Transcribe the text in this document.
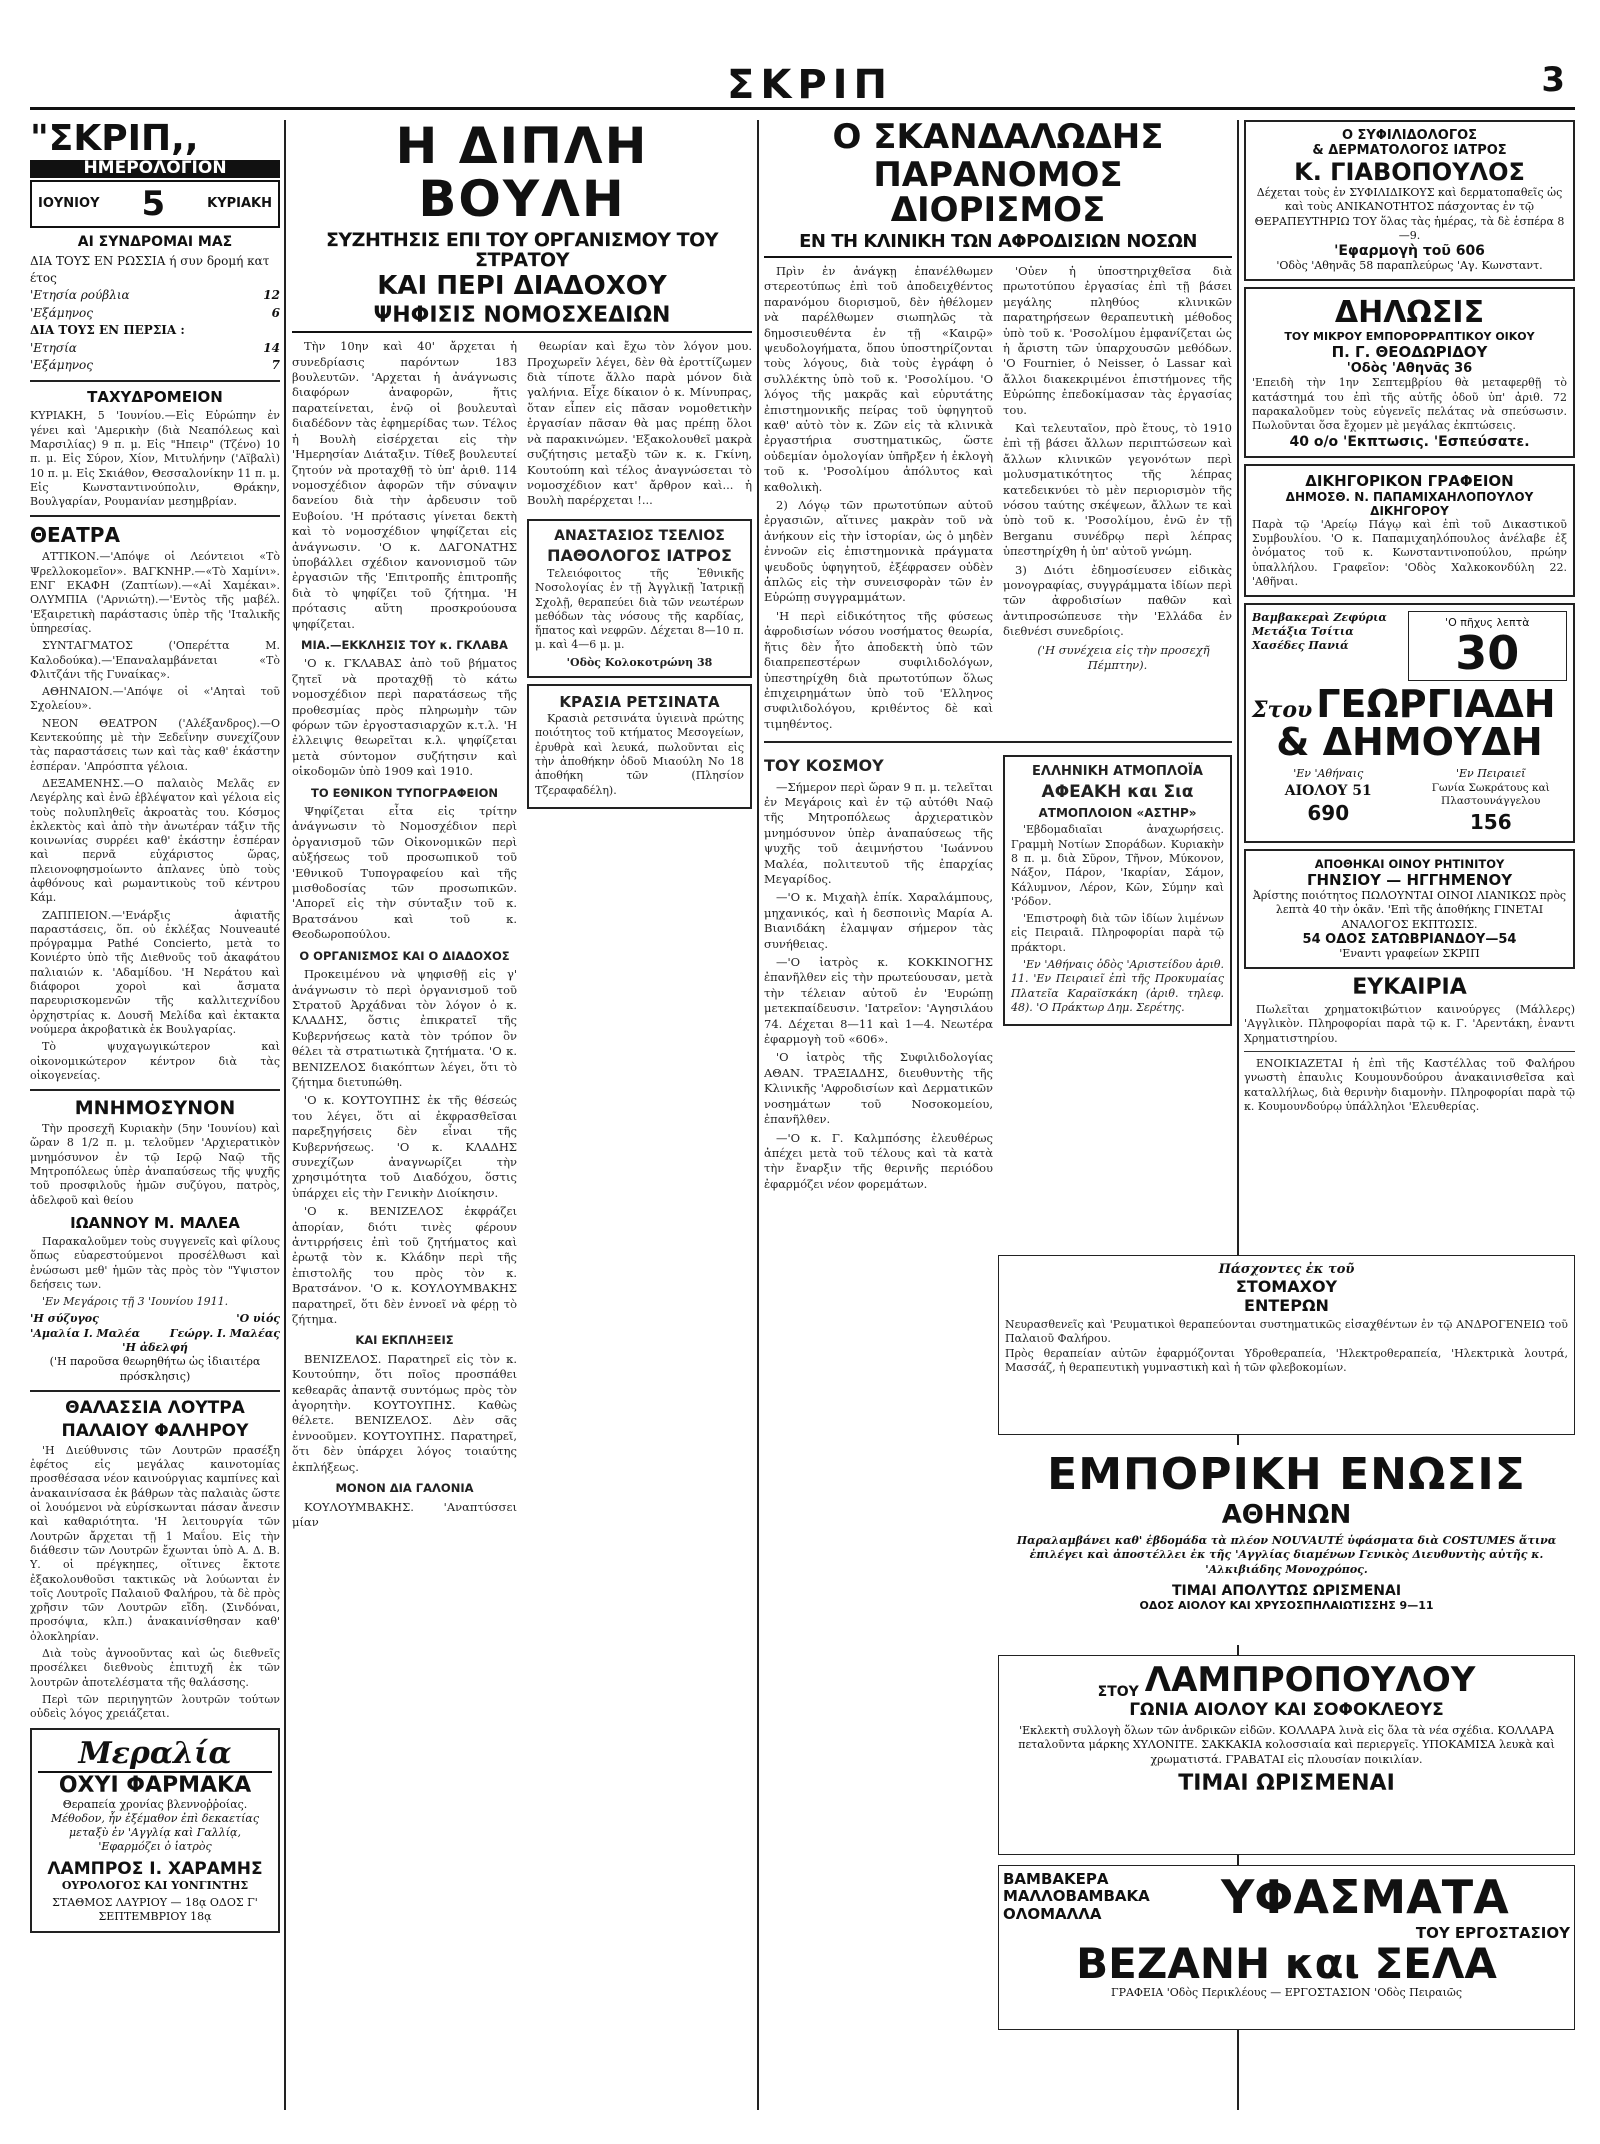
ΣΚΡΙΠ	3
"ΣΚΡΙΠ,,
ΗΜΕΡΟΛΟΓΙΟΝ
ΙΟΥΝΙΟΥ 5	ΚΥΡΙΑΚΗ
ΑΙ ΣΥΝΔΡΟΜΑΙ ΜΑΣ
ΔΙΑ ΤΟΥΣ ΕΝ ΡΩΣΣΙΑ ή συν δρομή κατ έτος
'Ετησία ρούβλια	12
'Εξάμηνος	6
ΔΙΑ ΤΟΥΣ ΕΝ ΠΕΡΣΙΑ :
'Ετησία	14
'Εξάμηνος	7
ΤΑΧΥΔΡΟΜΕΙΟΝ
ΚΥΡΙΑΚΗ, 5 'Ιουνίου.—Εἰς Εὐρώπην ἐν γένει καὶ 'Αμερικὴν (διὰ Νεαπόλεως καὶ Μαρσιλίας) 9 π. μ. Εἰς "Ηπειρ" (Τζένο) 10 π. μ. Εἰς Σύρον, Χίον, Μιτυλήνην ('Αϊβαλὶ) 10 π. μ. Εἰς Σκιάθον, Θεσσαλονίκην 11 π. μ. Εἰς Κωνσταντινούπολιν, Θράκην, Βουλγαρίαν, Ρουμανίαν μεσημβρίαν.
ΘΕΑΤΡΑ

ΑΤΤΙΚΟΝ.—'Απόψε οἱ Λεόντειοι «Τὸ Ψρελλοκομεῖον». ΒΑΓΚΝΗΡ.—«Τὸ Χαμίνι». ΕΝΓ ΕΚΑΦΗ (Ζαπτίων).—«Αἱ Χαμέκαι». ΟΛΥΜΠΙΑ ('Αρνιώτη).—'Εντὸς τῆς μαβέλ. 'Εξαιρετικὴ παράστασις ὑπὲρ τῆς 'Ιταλικῆς ὑπηρεσίας.

ΣΥΝΤΑΓΜΑΤΟΣ ('Οπερέττα Μ. Καλοδούκα).—'Επαναλαμβάνεται «Τὸ Φλιτζάνι τῆς Γυναίκας».

ΑΘΗΝΑΙΟΝ.—'Απόψε οἱ «'Αηταὶ τοῦ Σχολείου».

ΝΕΟΝ ΘΕΑΤΡΟΝ ('Αλέξανδρος).—Ο Κεντεκούπης μὲ τὴν Ξεδεΐνην συνεχίζουν τὰς παραστάσεις των καὶ τὰς καθ' ἑκάστην ἑσπέραν. 'Απρόσπτα γέλοια.

ΔΕΞΑΜΕΝΗΣ.—Ο παλαιὸς Μελᾶς εν Λεγέρλης καὶ ἐνῶ ἐβλέψατον καὶ γέλοια εἰς τοὺς πολυπληθεῖς ἀκροατὰς του. Κόσμος ἐκλεκτὸς καὶ ἀπὸ τὴν ἀνωτέραν τάξιν τῆς κοινωνίας συρρέει καθ' ἑκάστην ἑσπέραν καὶ περνᾶ εὐχάριστος ὥρας, πλειονοφησμοίωντο ἀπλανες ὑπὸ τοὺς ἀφθόνους καὶ ρωμαντικοὺς τοῦ κέντρου Κάμ.

ΖΑΠΠΕΙΟΝ.—'Ενάρξις ἀφιατῆς παραστάσεις, ὅπ. οὐ ἐκλέξας Nouveauté πρόγραμμα Pathé Concierto, μετὰ το Κονιέρτο ὑπὸ τῆς Διεθνοῦς τοῦ ἀκαφάτου παλιαιών κ. 'Αδαμίδου. 'Η Νεράτου καὶ διάφοροι χοροὶ καὶ ἄσματα παρευρισκομενῶν τῆς καλλιτεχνίδου ὀρχηστρίας κ. Δουσῆ Μελίδα καὶ ἐκτακτα νούμερα ἀκροβατικὰ ἐκ Βουλγαρίας.

Τὸ ψυχαγωγικώτερον καὶ οἰκονομικώτερον κέντρον διὰ τὰς οἰκογενείας.

ΜΝΗΜΟΣΥΝΟΝ

Τὴν προσεχῆ Κυριακὴν (5ην 'Ιουνίου) καὶ ὥραν 8 1/2 π. μ. τελοῦμεν 'Αρχιερατικὸν μνημόσυνον ἐν τῷ Ιερῷ Ναῷ τῆς Μητροπόλεως ὑπὲρ ἀναπαύσεως τῆς ψυχῆς τοῦ προσφιλοῦς ἡμῶν συζύγου, πατρὸς, ἀδελφοῦ καὶ θείου

ΙΩΑΝΝΟΥ Μ. ΜΑΛΕΑ

Παρακαλοῦμεν τοὺς συγγενεῖς καὶ φίλους ὅπως εὐαρεστούμενοι προσέλθωσι καὶ ἐνώσωσι μεθ' ἡμῶν τὰς πρὸς τὸν "Υψιστον δεήσεις των.

'Εν Μεγάροις τῇ 3 'Ιουνίου 1911.

'Η σύζυγος
'Αμαλία Ι. Μαλέα
'Ο υἱός
Γεώργ. Ι. Μαλέας
'Η ἀδελφή
('Η παροῦσα θεωρηθήτω ὡς ἰδιαιτέρα πρόσκλησις)
ΘΑΛΑΣΣΙΑ ΛΟΥΤΡΑ
ΠΑΛΑΙΟΥ ΦΑΛΗΡΟΥ

'Η Διεύθυνσις τῶν Λουτρῶν πρασέξη ἐφέτος εἰς μεγάλας καινοτομίας προσθέσασα νέον καινούργιας καμπίνες καὶ ἀνακαινίσασα ἐκ βάθρων τὰς παλαιὰς ὥστε οἱ λουόμενοι νὰ εὑρίσκωνται πάσαν ἄνεσιν καὶ καθαριότητα. 'Η λειτουργία τῶν Λουτρῶν ἄρχεται τῇ 1 Μαΐου. Εἰς τὴν διάθεσιν τῶν Λουτρῶν ἔχωνται ὑπὸ Α. Δ. Β. Υ. οἱ πρέγκηπες, οἵτινες ἔκτοτε ἐξακολουθοῦσι τακτικῶς νὰ λούωνται ἐν τοῖς Λουτροῖς Παλαιοῦ Φαλήρου, τὰ δὲ πρὸς χρῆσιν τῶν Λουτρῶν εἴδη. (Σινδόναι, προσόψια, κλπ.) ἀνακαινίσθησαν καθ' ὁλοκληρίαν.

Διὰ τοὺς ἀγνοοῦντας καὶ ὡς διεθνεῖς προσέλκει διεθνοὺς ἐπιτυχῆ ἐκ τῶν λουτρῶν ἀποτελέσματα τῆς θαλάσσης.

Περὶ τῶν περιηγητῶν λουτρῶν τούτων οὐδεὶς λόγος χρειάζεται.

Μεραλία
ΟΧΥΙ ΦΑΡΜΑΚΑ
Θεραπεία χρονίας βλεννοῤῥοίας.
Μέθοδον, ἧν ἐξέμαθον ἐπὶ δεκαετίας μεταξὺ ἐν 'Αγγλίᾳ καὶ Γαλλίᾳ, 'Εφαρμόζει ὁ ἰατρὸς
ΛΑΜΠΡΟΣ Ι. ΧΑΡΑΜΗΣ
ΟΥΡΟΛΟΓΟΣ ΚΑΙ ΥΟΝΓΙΝΤΗΣ
ΣΤΑΘΜΟΣ ΛΑΥΡΙΟΥ — 18ᾳ ΟΔΟΣ Γ' ΣΕΠΤΕΜΒΡΙΟΥ 18ᾳ
Η ΔΙΠΛΗ ΒΟΥΛΗ
ΣΥΖΗΤΗΣΙΣ ΕΠΙ ΤΟΥ ΟΡΓΑΝΙΣΜΟΥ ΤΟΥ ΣΤΡΑΤΟΥ
ΚΑΙ ΠΕΡΙ ΔΙΑΔΟΧΟΥ
ΨΗΦΙΣΙΣ ΝΟΜΟΣΧΕΔΙΩΝ

Τὴν 10ην καὶ 40' ἄρχεται ἡ συνεδρίασις παρόντων 183 βουλευτῶν. 'Αρχεται ἡ ἀνάγνωσις διαφόρων ἀναφορῶν, ἥτις παρατείνεται, ἐνῷ οἱ βουλευταὶ διαδέδονν τὰς ἐφημερίδας των. Τέλος ἡ Βουλὴ εἰσέρχεται εἰς τὴν 'Ημερησίαν Διάταξιν. Τίθεξ βουλευτεί ζητούν νὰ προταχθῇ τὸ ὑπ' ἀριθ. 114 νομοσχέδιον ἀφορῶν τῆν σύναψιν δανείου διὰ τὴν ἀρδευσιν τοῦ Ευβοίου. 'Η πρότασις γίνεται δεκτὴ καὶ τὸ νομοσχέδιον ψηφίζεται εἰς ἀνάγνωσιν. 'Ο κ. ΔΑΓΟΝΑΤΗΣ ὑποβάλλει σχέδιον κανονισμοῦ τῶν ἐργασιῶν τῆς 'Επιτροπῆς ἐπιτροπῆς διὰ τὸ ψηφίζει τοῦ ζήτημα. 'Η πρότασις αὕτη προσκρούουσα ψηφίζεται.

ΜΙΑ.—ΕΚΚΛΗΣΙΣ ΤΟΥ κ. ΓΚΛΑΒΑ

'Ο κ. ΓΚΛΑΒΑΣ ἀπὸ τοῦ βήματος ζητεῖ νὰ προταχθῇ τὸ κάτω νομοσχέδιον περὶ παρατάσεως τῆς προθεσμίας πρὸς πληρωμὴν τῶν φόρων τῶν ἐργοστασιαρχῶν κ.τ.λ. 'Η ἐλλειψις θεωρεῖται κ.λ. ψηφίζεται μετὰ σύντομον συζήτησιν καὶ οἰκοδομῶν ὑπὸ 1909 καὶ 1910.

ΤΟ ΕΘΝΙΚΟΝ ΤΥΠΟΓΡΑΦΕΙΟΝ

Ψηφίζεται εἶτα εἰς τρίτην ἀνάγνωσιν τὸ Νομοσχέδιον περὶ ὀργανισμοῦ τῶν Οἰκονομικῶν περὶ αὐξήσεως τοῦ προσωπικοῦ τοῦ 'Εθνικοῦ Τυπογραφείου καὶ τῆς μισθοδοσίας τῶν προσωπικῶν. 'Απορεῖ εἰς τὴν σύνταξιν τοῦ κ. Βρατσάνου καὶ τοῦ κ. Θεοδωροπούλου.

Ο ΟΡΓΑΝΙΣΜΟΣ ΚΑΙ Ο ΔΙΑΔΟΧΟΣ

Προκειμένου νὰ ψηφισθῇ εἰς γ' ἀνάγνωσιν τὸ περὶ ὀργανισμοῦ τοῦ Στρατοῦ Ἀρχάδναι τὸν λόγον ὁ κ. ΚΛΑΔΗΣ, ὅστις ἐπικρατεῖ τῆς Κυβερνήσεως κατὰ τὸν τρόπον ὃν θέλει τὰ στρατιωτικὰ ζητήματα. 'Ο κ. ΒΕΝΙΖΕΛΟΣ διακόπτων λέγει, ὅτι τὸ ζήτημα διετυπώθη.

'Ο κ. ΚΟΥΤΟΥΠΗΣ ἐκ τῆς θέσεώς του λέγει, ὅτι αἱ ἐκφρασθεῖσαι παρεξηγήσεις δὲν εἶναι τῆς Κυβερνήσεως. 'Ο κ. ΚΛΑΔΗΣ συνεχίζων ἀναγνωρίζει τὴν χρησιμότητα τοῦ Διαδόχου, ὅστις ὑπάρχει εἰς τὴν Γενικὴν Διοίκησιν.

'Ο κ. ΒΕΝΙΖΕΛΟΣ ἐκφράζει ἀπορίαν, διότι τινὲς φέρουν ἀντιρρήσεις ἐπὶ τοῦ ζητήματος καὶ ἐρωτᾷ τὸν κ. Κλάδην περὶ τῆς ἐπιστολῆς του πρὸς τὸν κ. Βρατσάνον. 'Ο κ. ΚΟΥΛΟΥΜΒΑΚΗΣ παρατηρεῖ, ὅτι δὲν ἐννοεῖ νὰ φέρῃ τὸ ζήτημα.

ΚΑΙ ΕΚΠΛΗΞΕΙΣ

ΒΕΝΙΖΕΛΟΣ. Παρατηρεῖ εἰς τὸν κ. Κουτούπην, ὅτι ποῖος προσπάθει κεθεαρᾶς ἀπαντᾷ συντόμως πρὸς τὸν ἀγορητὴν. ΚΟΥΤΟΥΠΗΣ. Καθὼς θέλετε. ΒΕΝΙΖΕΛΟΣ. Δὲν σᾶς ἐννοοῦμεν. ΚΟΥΤΟΥΠΗΣ. Παρατηρεῖ, ὅτι δὲν ὑπάρχει λόγος τοιαύτης ἐκπλήξεως.

ΜΟΝΟΝ ΔΙΑ ΓΑΛΟΝΙΑ

ΚΟΥΛΟΥΜΒΑΚΗΣ. 'Αναπτύσσει μίαν

θεωρίαν καὶ ἔχω τὸν λόγον μου. Προχωρεῖν λέγει, δὲν θὰ ἐροττίζωμεν διὰ τίποτε ἄλλο παρὰ μόνον διὰ γαλήνια. Εἶχε δίκαιον ὁ κ. Μίνυπρας, ὅταν εἶπεν εἰς πᾶσαν νομοθετικὴν ἐργασίαν πᾶσαν θὰ μας πρέπῃ ὅλοι νὰ παρακινώμεν. 'Εξακολουθεῖ μακρὰ συζήτησις μεταξὺ τῶν κ. κ. Γκίνη, Κουτούπη καὶ τέλος ἀναγνώσεται τὸ νομοσχέδιον κατ' ἄρθρον καὶ... ἡ Βουλὴ παρέρχεται !...

ΑΝΑΣΤΑΣΙΟΣ ΤΣΕΛΙΟΣ
ΠΑΘΟΛΟΓΟΣ ΙΑΤΡΟΣ

Τελειόφοιτος τῆς Ἐθνικῆς Νοσολογίας ἐν τῇ Ἀγγλικῇ Ἰατρικῇ Σχολῇ, θεραπεύει διὰ τῶν νεωτέρων μεθόδων τὰς νόσους τῆς καρδίας, ἥπατος καὶ νεφρῶν. Δέχεται 8—10 π. μ. καὶ 4—6 μ. μ.

'Οδὸς Κολοκοτρώνη 38
ΚΡΑΣΙΑ ΡΕΤΣΙΝΑΤΑ

Κρασιὰ ρετσινάτα ὑγιεινὰ πρώτης ποιότητος τοῦ κτήματος Μεσογείων, ἐρυθρὰ καὶ λευκά, πωλοῦνται εἰς τὴν ἀποθήκην ὁδοῦ Μιαούλη Νο 18 ἀποθήκη τῶν (Πλησίον Τζεραφαδέλη).

Ο ΣΚΑΝΔΑΛΩΔΗΣ
ΠΑΡΑΝΟΜΟΣ ΔΙΟΡΙΣΜΟΣ
ΕΝ ΤΗ ΚΛΙΝΙΚΗ ΤΩΝ ΑΦΡΟΔΙΣΙΩΝ ΝΟΣΩΝ

Πρὶν ἐν ἀνάγκῃ ἐπανέλθωμεν στερεοτύπως ἐπὶ τοῦ ἀποδειχθέντος παρανόμου διορισμοῦ, δὲν ἠθέλομεν νὰ παρέλθωμεν σιωπηλῶς τὰ δημοσιευθέντα ἐν τῇ «Καιρῷ» ψευδολογήματα, ὅπου ὑποστηρίζονται τοὺς λόγους, διὰ τοὺς ἐγράφη ὁ συλλέκτης ὑπὸ τοῦ κ. 'Ροσολίμου. 'Ο λόγος τῆς μακρᾶς καὶ εὐρυτάτης ἐπιστημονικῆς πείρας τοῦ ὑφηγητοῦ καθ' αὐτὸ τὸν κ. Ζῶν εἰς τὰ κλινικὰ ἐργαστήρια συστηματικῶς, ὥστε οὐδεμίαν ὁμολογίαν ὑπῆρξεν ἡ ἐκλογὴ τοῦ κ. 'Ροσολίμου ἀπόλυτος καὶ καθολικὴ.

2) Λόγῳ τῶν πρωτοτύπων αὐτοῦ ἐργασιῶν, αἵτινες μακρὰν τοῦ νὰ ἀνήκουν εἰς τὴν ἱστορίαν, ὡς ὁ μηδὲν ἐννοῶν εἰς ἐπιστημονικὰ πράγματα ψευδοῦς ὑφηγητοῦ, ἐξέφρασεν οὐδὲν ἁπλῶς εἰς τὴν συνεισφορὰν τῶν ἐν Εὐρώπῃ συγγραμμάτων.

'Η περὶ εἰδικότητος τῆς φύσεως ἀφροδισίων νόσου νοσήματος θεωρία, ἥτις δὲν ἦτο ἀποδεκτὴ ὑπὸ τῶν διαπρεπεστέρων συφιλιδολόγων, ὑπεστηρίχθη διὰ πρωτοτύπων ὅλως ἐπιχειρημάτων ὑπὸ τοῦ 'Ελληνος συφιλιδολόγου, κριθέντος δὲ καὶ τιμηθέντος.

'Οὐεν ἡ ὑποστηριχθεῖσα διὰ πρωτοτύπου ἐργασίας ἐπὶ τῇ βάσει μεγάλης πληθύος κλινικῶν παρατηρήσεων θεραπευτικὴ μέθοδος ὑπὸ τοῦ κ. 'Ροσολίμου ἐμφανίζεται ὡς ἡ ἄριστη τῶν ὑπαρχουσῶν μεθόδων. 'Ο Fournier, ὁ Neisser, ὁ Lassar καὶ ἄλλοι διακεκριμένοι ἐπιστήμονες τῆς Εὐρώπης ἐπεδοκίμασαν τὰς ἐργασίας του.

Καὶ τελευταῖον, πρὸ ἔτους, τὸ 1910 ἐπὶ τῇ βάσει ἄλλων περιπτώσεων καὶ ἄλλων κλινικῶν γεγονότων περὶ μολυσματικότητος τῆς λέπρας κατεδεικνύει τὸ μὲν περιορισμὸν τῆς νόσου ταύτης σκέψεων, ἄλλων τε καὶ ὑπὸ τοῦ κ. 'Ροσολίμου, ἐνῶ ἐν τῇ Berganu συνέδρῳ περὶ λέπρας ὑπεστηρίχθη ἡ ὑπ' αὐτοῦ γνώμη.

3) Διότι ἐδημοσίευσεν εἰδικὰς μονογραφίας, συγγράμματα ἰδίων περὶ τῶν ἀφροδισίων παθῶν καὶ ἀντιπροσώπευσε τὴν 'Ελλάδα ἐν διεθνέσι συνεδρίοις.

('Η συνέχεια εἰς τὴν προσεχῆ Πέμπτην).

ΤΟΥ ΚΟΣΜΟΥ

—Σήμερον περὶ ὥραν 9 π. μ. τελεῖται ἐν Μεγάροις καὶ ἐν τῷ αὐτόθι Ναῷ τῆς Μητροπόλεως ἀρχιερατικὸν μνημόσυνον ὑπὲρ ἀναπαύσεως τῆς ψυχῆς τοῦ ἀειμνήστου 'Ιωάννου Μαλέα, πολιτευτοῦ τῆς ἐπαρχίας Μεγαρίδος.

—'Ο κ. Μιχαὴλ ἐπίκ. Χαραλάμπους, μηχανικός, καὶ ἡ δεσποινὶς Μαρία Α. Βιανιδάκη ἐλαμψαν σήμερον τὰς συνήθειας.

—'Ο ἰατρὸς κ. ΚΟΚΚΙΝΟΓΗΣ ἐπανῆλθεν εἰς τὴν πρωτεύουσαν, μετὰ τὴν τέλειαν αὐτοῦ ἐν 'Ευρώπῃ μετεκπαίδευσιν. 'Ιατρεῖον: 'Αγησιλάου 74. Δέχεται 8—11 καὶ 1—4. Νεωτέρα ἐφαρμογὴ τοῦ «606».

'Ο ἰατρὸς τῆς Συφιλιδολογίας ΑΘΑΝ. ΤΡΑΞΙΑΔΗΣ, διευθυντὴς τῆς Κλινικῆς 'Αφροδισίων καὶ Δερματικῶν νοσημάτων τοῦ Νοσοκομείου, ἐπανῆλθεν.

—'Ο κ. Γ. Καλμπόσης ἐλευθέρως ἀπέχει μετὰ τοῦ τέλους καὶ τὰ κατὰ τὴν ἔναρξιν τῆς θερινῆς περιόδου ἐφαρμόζει νέον φορεμάτων.

ΕΛΛΗΝΙΚΗ ΑΤΜΟΠΛΟΪΑ
ΑΦΕΑΚΗ και Σια
ΑΤΜΟΠΛΟΙΟΝ «ΑΣΤΗΡ»

'Εβδομαδιαῖαι ἀναχωρήσεις. Γραμμὴ Νοτίων Σποράδων. Κυριακὴν 8 π. μ. διὰ Σῦρον, Τῆνον, Μύκονον, Νάξον, Πάρον, 'Ικαρίαν, Σάμον, Κάλυμνον, Λέρον, Κῶν, Σύμην καὶ 'Ρόδον.

'Επιστροφὴ διὰ τῶν ἰδίων λιμένων εἰς Πειραιᾶ. Πληροφορίαι παρὰ τῷ πράκτορι.

'Εν 'Αθήναις ὁδὸς 'Αριστείδου ἀριθ. 11. 'Εν Πειραιεῖ ἐπὶ τῆς Προκυμαίας Πλατεῖα Καραϊσκάκη (ἀριθ. τηλεφ. 48). 'Ο Πράκτωρ Δημ. Σερέτης.

Ο ΣΥΦΙΛΙΔΟΛΟΓΟΣ
& ΔΕΡΜΑΤΟΛΟΓΟΣ ΙΑΤΡΟΣ
Κ. ΓΙΑΒΟΠΟΥΛΟΣ

Δέχεται τοὺς ἐν ΣΥΦΙΛΙΔΙΚΟΥΣ καὶ δερματοπαθεῖς ὡς καὶ τοὺς ΑΝΙΚΑΝΟΤΗΤΟΣ πάσχοντας ἐν τῷ ΘΕΡΑΠΕΥΤΗΡΙΩ ΤΟΥ ὅλας τὰς ἡμέρας, τὰ δὲ ἑσπέρα 8—9.

'Εφαρμογὴ τοῦ 606
'Οδὸς 'Αθηνᾶς 58 παραπλεύρως 'Αγ. Κωνσταντ.
ΔΗΛΩΣΙΣ
ΤΟΥ ΜΙΚΡΟΥ ΕΜΠΟΡΟΡΡΑΠΤΙΚΟΥ ΟΙΚΟΥ
Π. Γ. ΘΕΟΔΩΡΙΔΟΥ
'Οδὸς 'Αθηνᾶς 36

'Επειδὴ τὴν 1ην Σεπτεμβρίου θὰ μεταφερθῇ τὸ κατάστημά του ἐπὶ τῆς αὐτῆς ὁδοῦ ὑπ' ἀριθ. 72 παρακαλοῦμεν τοὺς εὐγενεῖς πελάτας νὰ σπεύσωσιν. Πωλοῦνται ὅσα ἔχομεν μὲ μεγάλας ἐκπτώσεις.

40 ο/ο 'Εκπτωσις. 'Εσπεύσατε.
ΔΙΚΗΓΟΡΙΚΟΝ ΓΡΑΦΕΙΟΝ
ΔΗΜΟΣΘ. Ν. ΠΑΠΑΜΙΧΑΗΛΟΠΟΥΛΟΥ
ΔΙΚΗΓΟΡΟΥ

Παρὰ τῷ 'Αρείῳ Πάγῳ καὶ ἐπὶ τοῦ Δικαστικοῦ Συμβουλίου. 'Ο κ. Παπαμιχαηλόπουλος ἀνέλαβε ἐξ ὀνόματος τοῦ κ. Κωνσταντινοπούλου, πρώην ὑπαλλήλου. Γραφεῖον: 'Οδὸς Χαλκοκονδύλη 22. 'Αθῆναι.

Βαμβακεραὶ Ζεφύρια Μετάξια Τσίτια Χασέδες Πανιά
'Ο πῆχυς λεπτὰ
30
Στου ΓΕΩΡΓΙΑΔΗ
& ΔΗΜΟΥΔΗ
'Εν 'Αθήναις
ΑΙΟΛΟΥ 51
690
'Εν Πειραιεῖ
Γωνία Σωκράτους καὶ Πλαστουνάγγελου
156
ΑΠΟΘΗΚΑΙ ΟΙΝΟΥ ΡΗΤΙΝΙΤΟΥ
ΓΗΝΣΙΟΥ — ΗΓΓΗΜΕΝΟΥ

Ἀρίστης ποιότητος ΠΩΛΟΥΝΤΑΙ ΟΙΝΟΙ ΛΙΑΝΙΚΩΣ πρὸς λεπτὰ 40 τὴν ὀκᾶν. 'Επὶ τῆς ἀποθήκης ΓΙΝΕΤΑΙ ΑΝΑΛΟΓΟΣ ΕΚΠΤΩΣΙΣ.

54 ΟΔΟΣ ΣΑΤΩΒΡΙΑΝΔΟΥ—54
'Εναντι γραφείων ΣΚΡΙΠ
ΕΥΚΑΙΡΙΑ

Πωλεῖται χρηματοκιβώτιον καινούργες (Μάλλερς) 'Αγγλικὸν. Πληροφορίαι παρὰ τῷ κ. Γ. 'Αρεντάκη, ἐναντι Χρηματιστηρίου.

ΕΝΟΙΚΙΑΖΕΤΑΙ ἡ ἐπὶ τῆς Καστέλλας τοῦ Φαλήρου γνωστὴ ἐπαυλις Κουμουνδούρου ἀνακαινισθεῖσα καὶ καταλλήλως, διὰ θερινὴν διαμονὴν. Πληροφορίαι παρὰ τῷ κ. Κουμουνδούρῳ ὑπάλληλοι 'Ελευθερίας.

Πάσχοντες ἐκ τοῦ
ΣΤΟΜΑΧΟΥ
ΕΝΤΕΡΩΝ

Νευρασθενεῖς καὶ 'Ρευματικοὶ θεραπεύονται συστηματικῶς εἰσαχθέντων ἐν τῷ ΑΝΔΡΟΓΕΝΕΙΩ τοῦ Παλαιοῦ Φαλήρου.

Πρὸς θεραπείαν αὐτῶν ἐφαρμόζονται Υδροθεραπεία, 'Ηλεκτροθεραπεία, 'Ηλεκτρικὰ λουτρά, Μασσάζ, ἡ θεραπευτικὴ γυμναστικὴ καὶ ἡ τῶν φλεβοκομίων.

ΕΜΠΟΡΙΚΗ ΕΝΩΣΙΣ
ΑΘΗΝΩΝ

Παραλαμβάνει καθ' ἑβδομάδα τὰ πλέον NOUVAUTÉ ὑφάσματα διὰ COSTUMES ἅτινα ἐπιλέγει καὶ ἀποστέλλει ἐκ τῆς 'Αγγλίας διαμένων Γενικὸς Διευθυντὴς αὐτῆς κ. 'Αλκιβιάδης Μονοχρόπος.

ΤΙΜΑΙ ΑΠΟΛΥΤΩΣ ΩΡΙΣΜΕΝΑΙ
ΟΔΟΣ ΑΙΟΛΟΥ ΚΑΙ ΧΡΥΣΟΣΠΗΛΑΙΩΤΙΣΣΗΣ 9—11
ΣΤΟΥ ΛΑΜΠΡΟΠΟΥΛΟΥ
ΓΩΝΙΑ ΑΙΟΛΟΥ ΚΑΙ ΣΟΦΟΚΛΕΟΥΣ

'Εκλεκτὴ συλλογὴ ὅλων τῶν ἀνδρικῶν εἰδῶν. ΚΟΛΛΑΡΑ λινὰ εἰς ὅλα τὰ νέα σχέδια. ΚΟΛΛΑΡΑ πεταλοῦντα μάρκης ΧΥΛΟΝΙΤΕ. ΣΑΚΚΑΚΙΑ κολοσσιαία καὶ περιεργεῖς. ΥΠΟΚΑΜΙΣΑ λευκὰ καὶ χρωματιστά. ΓΡΑΒΑΤΑΙ εἰς πλουσίαν ποικιλίαν.

ΤΙΜΑΙ ΩΡΙΣΜΕΝΑΙ
ΒΑΜΒΑΚΕΡΑ
ΜΑΛΛΟΒΑΜΒΑΚΑ
ΟΛΟΜΑΛΛΑ	ΥΦΑΣΜΑΤΑ
ΤΟΥ ΕΡΓΟΣΤΑΣΙΟΥ
ΒΕΖΑΝΗ και ΣΕΛΑ
ΓΡΑΦΕΙΑ 'Οδὸς Περικλέους — ΕΡΓΟΣΤΑΣΙΟΝ 'Οδὸς Πειραιῶς
